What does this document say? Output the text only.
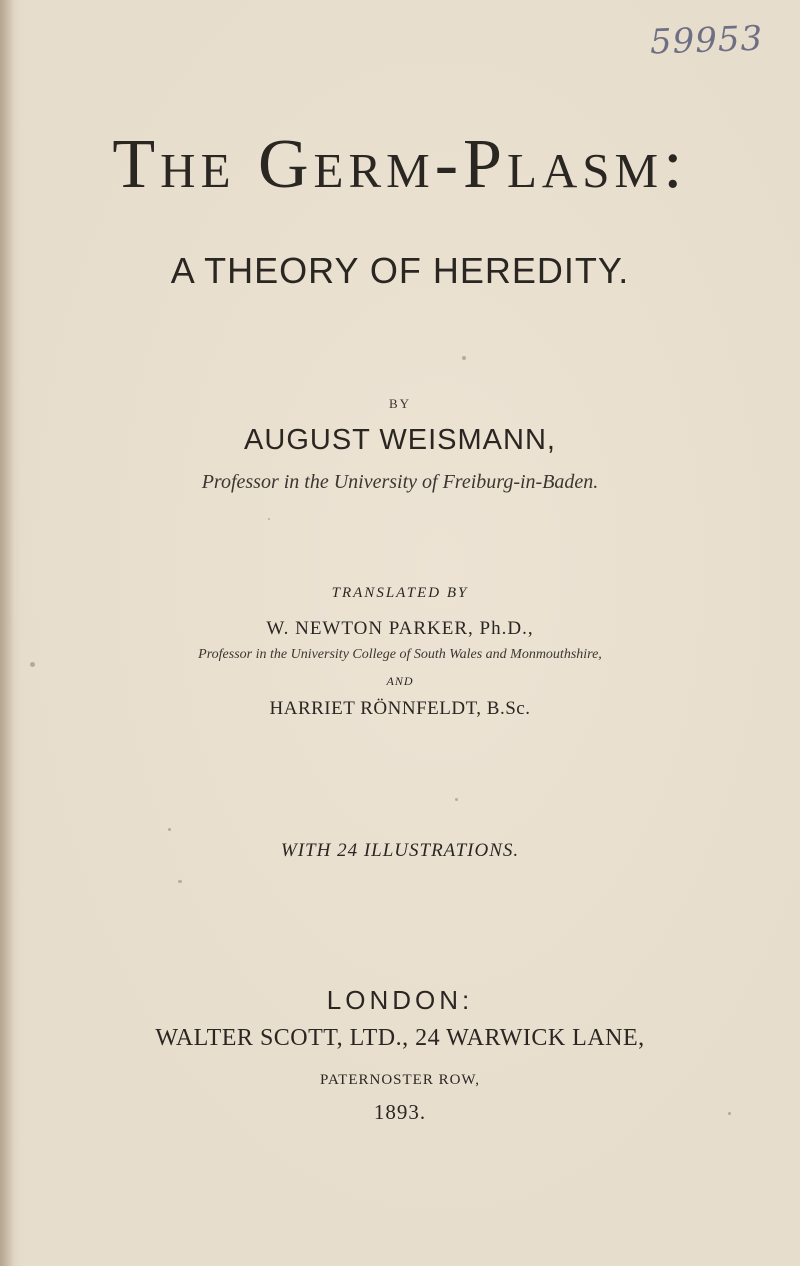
59953
The Germ-Plasm:
A THEORY OF HEREDITY.
BY
AUGUST WEISMANN,
Professor in the University of Freiburg-in-Baden.
TRANSLATED BY
W. NEWTON PARKER, Ph.D.,
Professor in the University College of South Wales and Monmouthshire,
AND
HARRIET RÖNNFELDT, B.Sc.
WITH 24 ILLUSTRATIONS.
LONDON:
WALTER SCOTT, LTD., 24 WARWICK LANE,
PATERNOSTER ROW,
1893.
